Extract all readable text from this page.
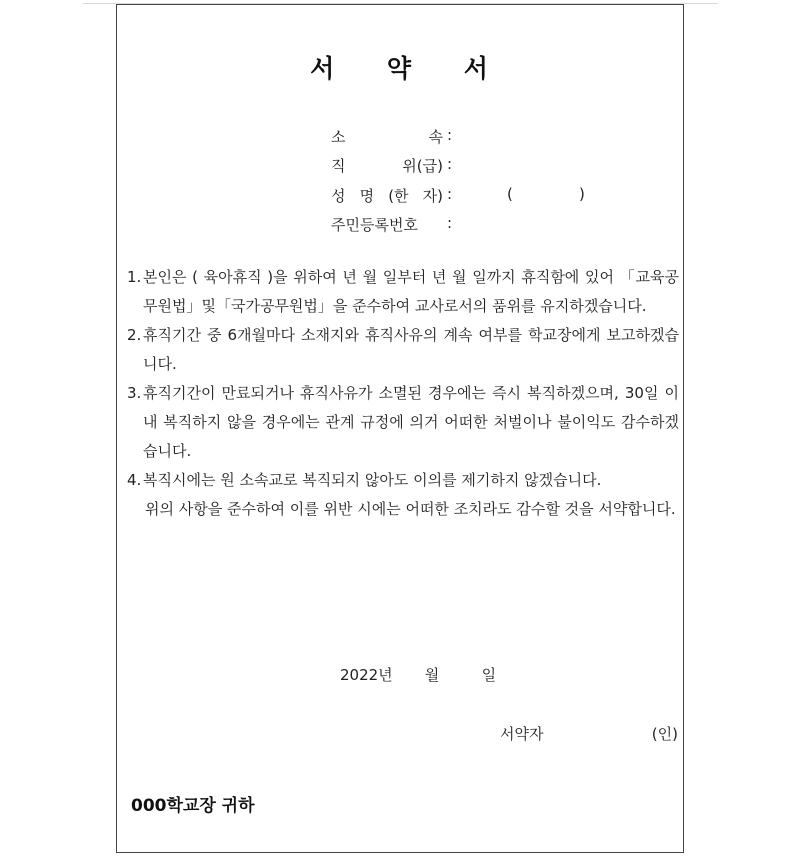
서 약 서
소 속 :
직 위(급) :
성 명 (한 자) :	(	)
주민등록번호	:
1. 본인은 ( 육아휴직 )을 위하여 년 월 일부터 년 월 일까지 휴직함에 있어 「교육공무원법」및「국가공무원법」을 준수하여 교사로서의 품위를 유지하겠습니다.
2. 휴직기간 중 6개월마다 소재지와 휴직사유의 계속 여부를 학교장에게 보고하겠습니다.
3. 휴직기간이 만료되거나 휴직사유가 소멸된 경우에는 즉시 복직하겠으며, 30일 이내 복직하지 않을 경우에는 관계 규정에 의거 어떠한 처벌이나 불이익도 감수하겠습니다.
4. 복직시에는 원 소속교로 복직되지 않아도 이의를 제기하지 않겠습니다.
위의 사항을 준수하여 이를 위반 시에는 어떠한 조치라도 감수할 것을 서약합니다.
2022년 월	일
서약자	(인)
000학교장 귀하
